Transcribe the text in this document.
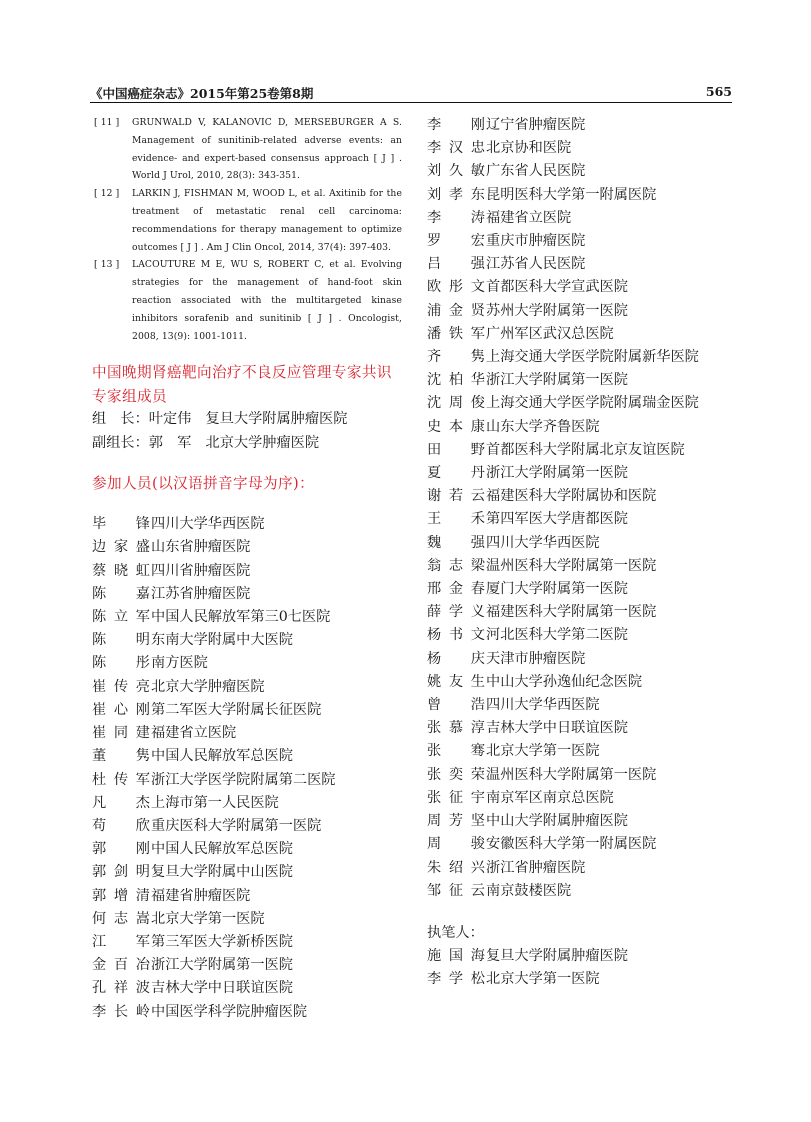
《中国癌症杂志》2015年第25卷第8期	565
[ 11 ] GRUNWALD V, KALANOVIC D, MERSEBURGER A S. Management of sunitinib-related adverse events: an evidence- and expert-based consensus approach [ J ] . World J Urol, 2010, 28(3): 343-351.
[ 12 ] LARKIN J, FISHMAN M, WOOD L, et al. Axitinib for the treatment of metastatic renal cell carcinoma: recommendations for therapy management to optimize outcomes [ J ] . Am J Clin Oncol, 2014, 37(4): 397-403.
[ 13 ] LACOUTURE M E, WU S, ROBERT C, et al. Evolving strategies for the management of hand-foot skin reaction associated with the multitargeted kinase inhibitors sorafenib and sunitinib [ J ] . Oncologist, 2008, 13(9): 1001-1011.
中国晚期肾癌靶向治疗不良反应管理专家共识专家组成员
组　长：叶定伟　复旦大学附属肿瘤医院
副组长：郭　军　北京大学肿瘤医院
参加人员(以汉语拼音字母为序)：
毕锋四川大学华西医院
边家盛山东省肿瘤医院
蔡晓虹四川省肿瘤医院
陈嘉江苏省肿瘤医院
陈立军中国人民解放军第三0七医院
陈明东南大学附属中大医院
陈彤南方医院
崔传亮北京大学肿瘤医院
崔心刚第二军医大学附属长征医院
崔同建福建省立医院
董隽中国人民解放军总医院
杜传军浙江大学医学院附属第二医院
凡杰上海市第一人民医院
苟欣重庆医科大学附属第一医院
郭刚中国人民解放军总医院
郭剑明复旦大学附属中山医院
郭增清福建省肿瘤医院
何志嵩北京大学第一医院
江军第三军医大学新桥医院
金百冶浙江大学附属第一医院
孔祥波吉林大学中日联谊医院
李长岭中国医学科学院肿瘤医院
李刚辽宁省肿瘤医院
李汉忠北京协和医院
刘久敏广东省人民医院
刘孝东昆明医科大学第一附属医院
李涛福建省立医院
罗宏重庆市肿瘤医院
吕强江苏省人民医院
欧彤文首都医科大学宣武医院
浦金贤苏州大学附属第一医院
潘铁军广州军区武汉总医院
齐隽上海交通大学医学院附属新华医院
沈柏华浙江大学附属第一医院
沈周俊上海交通大学医学院附属瑞金医院
史本康山东大学齐鲁医院
田野首都医科大学附属北京友谊医院
夏丹浙江大学附属第一医院
谢若云福建医科大学附属协和医院
王禾第四军医大学唐都医院
魏强四川大学华西医院
翁志梁温州医科大学附属第一医院
邢金春厦门大学附属第一医院
薛学义福建医科大学附属第一医院
杨书文河北医科大学第二医院
杨庆天津市肿瘤医院
姚友生中山大学孙逸仙纪念医院
曾浩四川大学华西医院
张慕淳吉林大学中日联谊医院
张骞北京大学第一医院
张奕荣温州医科大学附属第一医院
张征宇南京军区南京总医院
周芳坚中山大学附属肿瘤医院
周骏安徽医科大学第一附属医院
朱绍兴浙江省肿瘤医院
邹征云南京鼓楼医院
执笔人：
施国海复旦大学附属肿瘤医院
李学松北京大学第一医院
